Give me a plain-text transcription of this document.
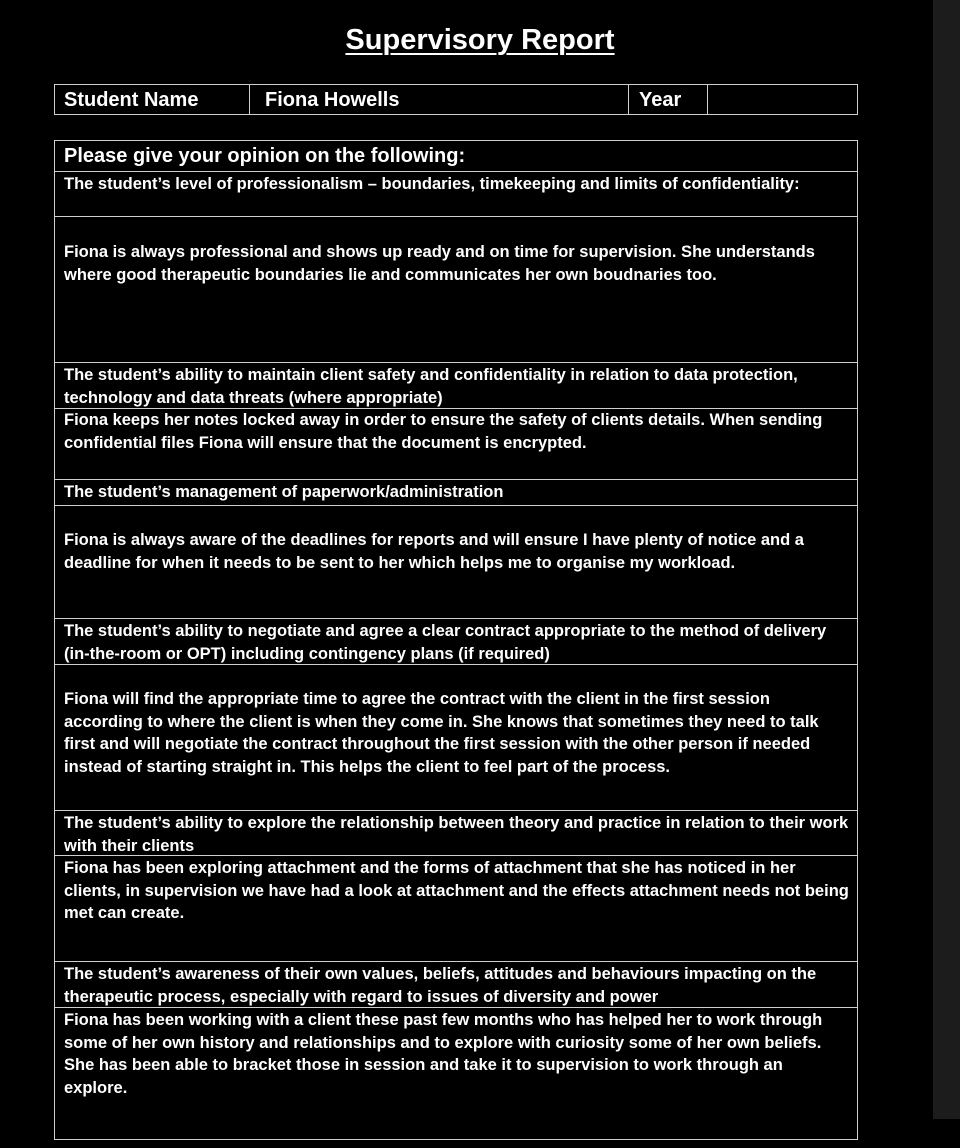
Supervisory Report
Student Name	Fiona Howells	Year
Please give your opinion on the following:
The student’s level of professionalism – boundaries, timekeeping and limits of confidentiality:
Fiona is always professional and shows up ready and on time for supervision. She understands where good therapeutic boundaries lie and communicates her own boudnaries too.
The student’s ability to maintain client safety and confidentiality in relation to data protection, technology and data threats (where appropriate)
Fiona keeps her notes locked away in order to ensure the safety of clients details. When sending confidential files Fiona will ensure that the document is encrypted.
The student’s management of paperwork/administration
Fiona is always aware of the deadlines for reports and will ensure I have plenty of notice and a deadline for when it needs to be sent to her which helps me to organise my workload.
The student’s ability to negotiate and agree a clear contract appropriate to the method of delivery (in-the-room or OPT) including contingency plans (if required)
Fiona will find the appropriate time to agree the contract with the client in the first session according to where the client is when they come in. She knows that sometimes they need to talk first and will negotiate the contract throughout the first session with the other person if needed instead of starting straight in. This helps the client to feel part of the process.
The student’s ability to explore the relationship between theory and practice in relation to their work with their clients
Fiona has been exploring attachment and the forms of attachment that she has noticed in her clients, in supervision we have had a look at attachment and the effects attachment needs not being met can create.
The student’s awareness of their own values, beliefs, attitudes and behaviours impacting on the therapeutic process, especially with regard to issues of diversity and power
Fiona has been working with a client these past few months who has helped her to work through some of her own history and relationships and to explore with curiosity some of her own beliefs. She has been able to bracket those in session and take it to supervision to work through an explore.
